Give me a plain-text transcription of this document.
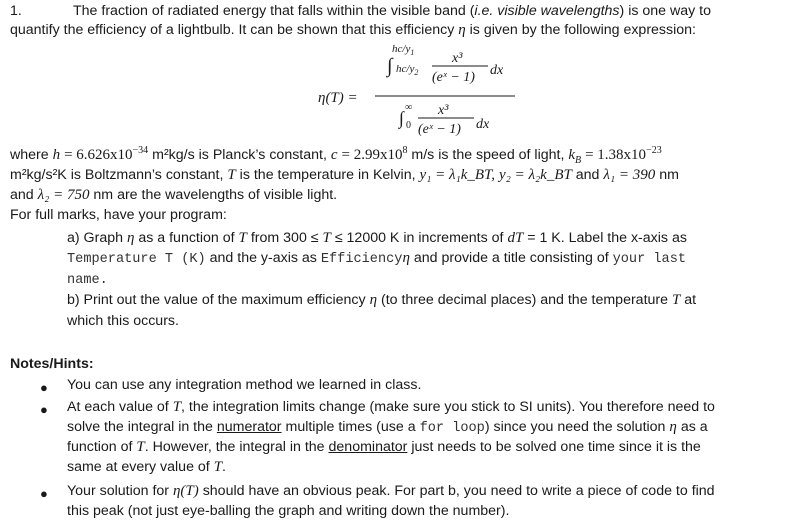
1.	The fraction of radiated energy that falls within the visible band (i.e. visible wavelengths) is one way to
quantify the efficiency of a lightbulb. It can be shown that this efficiency η is given by the following expression:
η(T) =
∫
$hc/y_1$
$hc/y_2$
x³
(eˣ − 1) dx
∫
∞
0
x³
(eˣ − 1) dx
where $h = 6.626x10^{-34}$ m²kg/s is Planck’s constant, $c = 2.99x10^8$ m/s is the speed of light, $k_B = 1.38x10^{-23}$
m²kg/s²K is Boltzmann’s constant, T is the temperature in Kelvin, y₁ = λ₁k_BT, y₂ = λ₂k_BT and λ₁ = 390 nm
and λ₂ = 750 nm are the wavelengths of visible light.
For full marks, have your program:
a) Graph η as a function of T from 300 ≤ T ≤ 12000 K in increments of dT = 1 K. Label the x-axis as
Temperature T (K) and the y-axis as Efficiencyη and provide a title consisting of your last
name.
b) Print out the value of the maximum efficiency η (to three decimal places) and the temperature T at
which this occurs.
Notes/Hints:
● You can use any integration method we learned in class.
● At each value of T, the integration limits change (make sure you stick to SI units). You therefore need to
solve the integral in the numerator multiple times (use a for loop) since you need the solution η as a
function of T. However, the integral in the denominator just needs to be solved one time since it is the
same at every value of T.
● Your solution for η(T) should have an obvious peak. For part b, you need to write a piece of code to find
this peak (not just eye-balling the graph and writing down the number).
